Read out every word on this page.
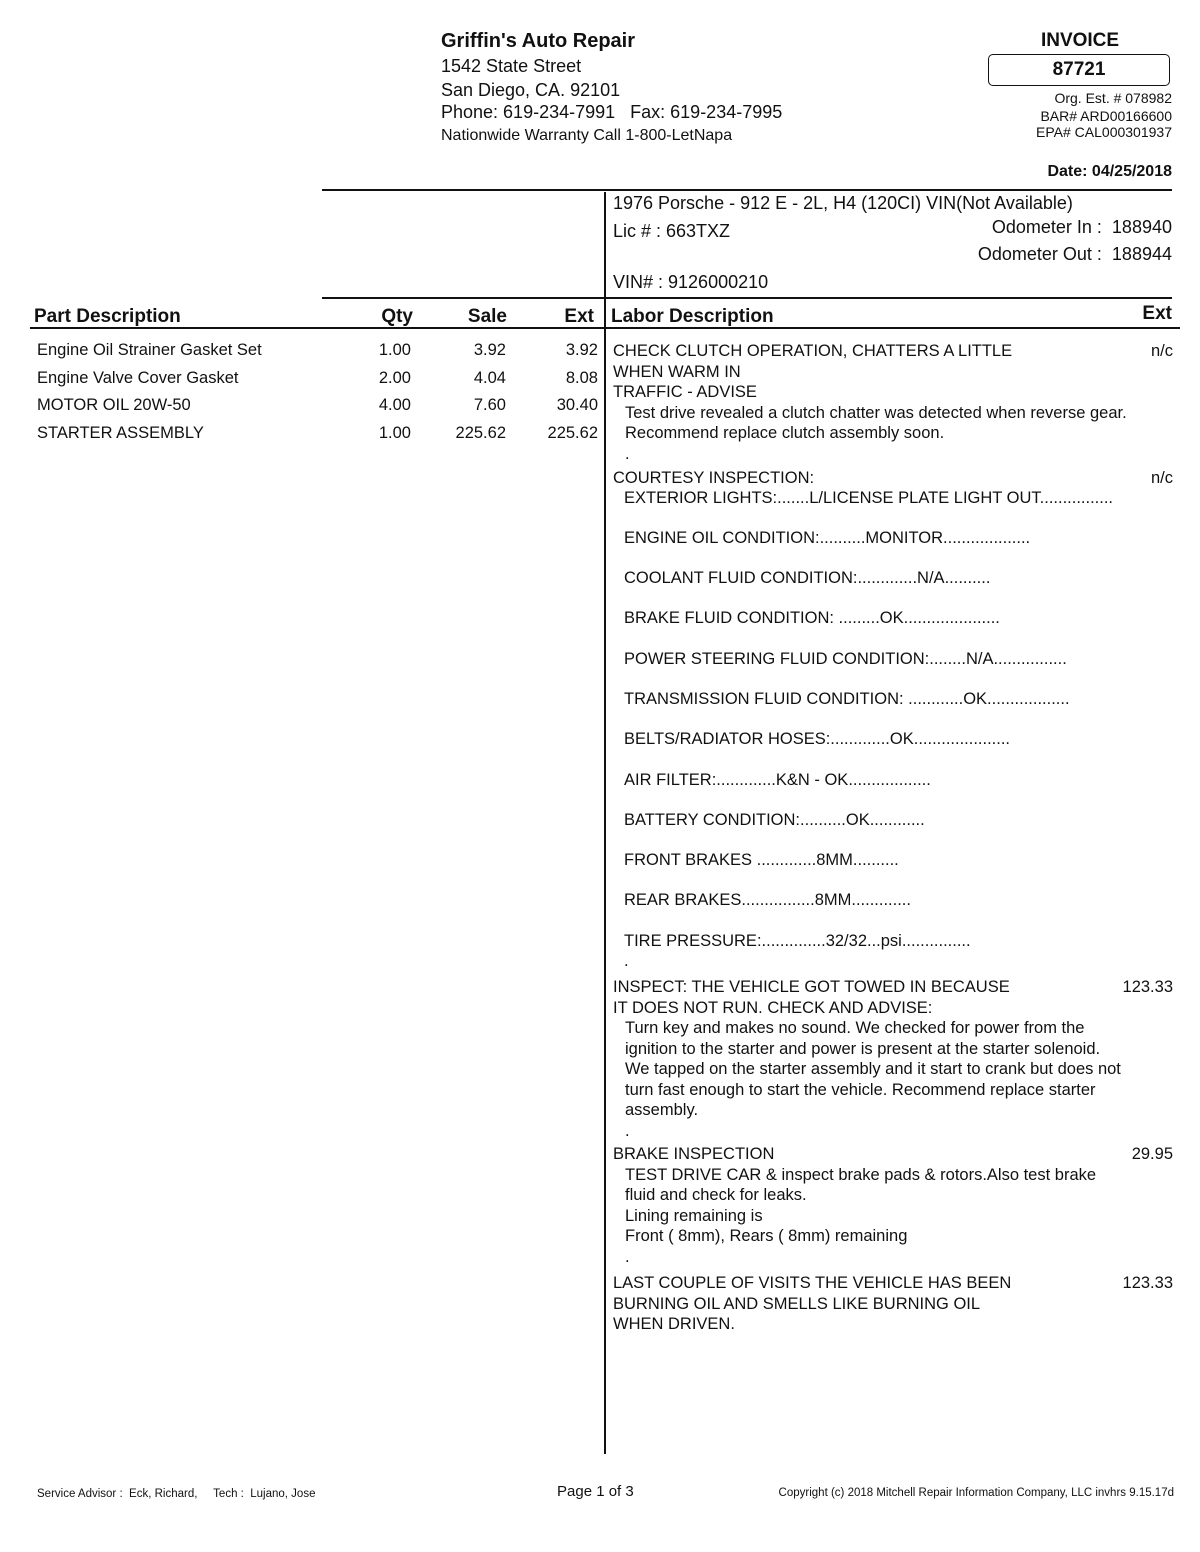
Griffin's Auto Repair
1542 State Street
San Diego, CA. 92101
Phone: 619-234-7991   Fax: 619-234-7995
Nationwide Warranty Call 1-800-LetNapa
INVOICE
87721
Org. Est. # 078982
BAR# ARD00166600
EPA# CAL000301937
Date: 04/25/2018
1976 Porsche - 912 E - 2L, H4 (120CI) VIN(Not Available)
Lic # : 663TXZ	Odometer In :  188940
Odometer Out :  188944
VIN# : 9126000210
Part Description	Qty	Sale	Ext Labor Description	Ext
Engine Oil Strainer Gasket Set	1.00	3.92	3.92
Engine Valve Cover Gasket	2.00	4.04	8.08
MOTOR OIL 20W-50	4.00	7.60	30.40
STARTER ASSEMBLY	1.00	225.62	225.62
CHECK CLUTCH OPERATION, CHATTERS A LITTLE	n/c
WHEN WARM IN
TRAFFIC - ADVISE
Test drive revealed a clutch chatter was detected when reverse gear.
Recommend replace clutch assembly soon.
.
COURTESY INSPECTION:	n/c
EXTERIOR LIGHTS:.......L/LICENSE PLATE LIGHT OUT................
ENGINE OIL CONDITION:..........MONITOR...................
COOLANT FLUID CONDITION:.............N/A..........
BRAKE FLUID CONDITION: .........OK.....................
POWER STEERING FLUID CONDITION:........N/A................
TRANSMISSION FLUID CONDITION: ............OK..................
BELTS/RADIATOR HOSES:.............OK.....................
AIR FILTER:.............K&N - OK..................
BATTERY CONDITION:..........OK............
FRONT BRAKES .............8MM..........
REAR BRAKES................8MM.............
TIRE PRESSURE:..............32/32...psi...............
.
INSPECT: THE VEHICLE GOT TOWED IN BECAUSE	123.33
IT DOES NOT RUN. CHECK AND ADVISE:
Turn key and makes no sound. We checked for power from the
ignition to the starter and power is present at the starter solenoid.
We tapped on the starter assembly and it start to crank but does not
turn fast enough to start the vehicle. Recommend replace starter
assembly.
.
BRAKE INSPECTION	29.95
TEST DRIVE CAR & inspect brake pads & rotors.Also test brake
fluid and check for leaks.
Lining remaining is
Front ( 8mm), Rears ( 8mm) remaining
.
LAST COUPLE OF VISITS THE VEHICLE HAS BEEN	123.33
BURNING OIL AND SMELLS LIKE BURNING OIL
WHEN DRIVEN.
Service Advisor :  Eck, Richard,     Tech :  Lujano, Jose	Page 1 of 3	Copyright (c) 2018 Mitchell Repair Information Company, LLC invhrs 9.15.17d
